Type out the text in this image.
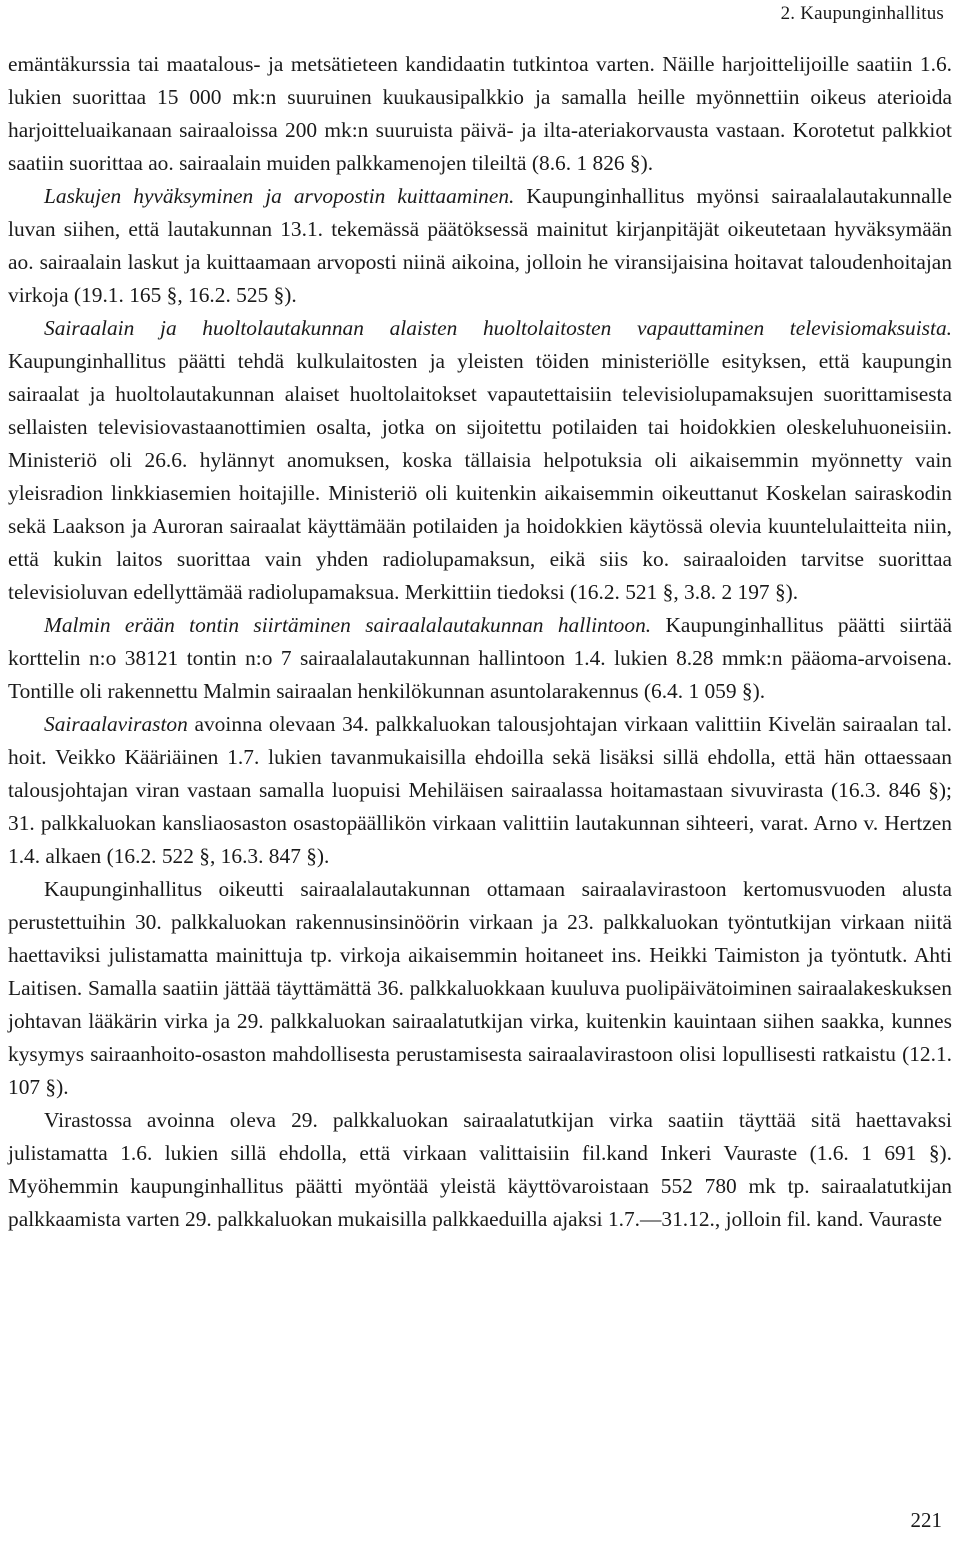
2. Kaupunginhallitus

emäntäkurssia tai maatalous- ja metsätieteen kandidaatin tutkintoa varten. Näille harjoittelijoille saatiin 1.6. lukien suorittaa 15 000 mk:n suuruinen kuukausipalkkio ja samalla heille myönnettiin oikeus aterioida harjoitteluaikanaan sairaaloissa 200 mk:n suuruista päivä- ja ilta-ateriakorvausta vastaan. Korotetut palkkiot saatiin suorittaa ao. sairaalain muiden palkkamenojen tileiltä (8.6. 1 826 §).

Laskujen hyväksyminen ja arvopostin kuittaaminen. Kaupunginhallitus myönsi sairaalalautakunnalle luvan siihen, että lautakunnan 13.1. tekemässä päätöksessä mainitut kirjanpitäjät oikeutetaan hyväksymään ao. sairaalain laskut ja kuittaamaan arvoposti niinä aikoina, jolloin he viransijaisina hoitavat taloudenhoitajan virkoja (19.1. 165 §, 16.2. 525 §).

Sairaalain ja huoltolautakunnan alaisten huoltolaitosten vapauttaminen televisiomaksuista. Kaupunginhallitus päätti tehdä kulkulaitosten ja yleisten töiden ministeriölle esityksen, että kaupungin sairaalat ja huoltolautakunnan alaiset huoltolaitokset vapautettaisiin televisiolupamaksujen suorittamisesta sellaisten televisiovastaanottimien osalta, jotka on sijoitettu potilaiden tai hoidokkien oleskeluhuoneisiin. Ministeriö oli 26.6. hylännyt anomuksen, koska tällaisia helpotuksia oli aikaisemmin myönnetty vain yleisradion linkkiasemien hoitajille. Ministeriö oli kuitenkin aikaisemmin oikeuttanut Koskelan sairaskodin sekä Laakson ja Auroran sairaalat käyttämään potilaiden ja hoidokkien käytössä olevia kuuntelulaitteita niin, että kukin laitos suorittaa vain yhden radiolupamaksun, eikä siis ko. sairaaloiden tarvitse suorittaa televisioluvan edellyttämää radiolupamaksua. Merkittiin tiedoksi (16.2. 521 §, 3.8. 2 197 §).

Malmin erään tontin siirtäminen sairaalalautakunnan hallintoon. Kaupunginhallitus päätti siirtää korttelin n:o 38121 tontin n:o 7 sairaalalautakunnan hallintoon 1.4. lukien 8.28 mmk:n pääoma-arvoisena. Tontille oli rakennettu Malmin sairaalan henkilökunnan asuntolarakennus (6.4. 1 059 §).

Sairaalaviraston avoinna olevaan 34. palkkaluokan talousjohtajan virkaan valittiin Kivelän sairaalan tal. hoit. Veikko Kääriäinen 1.7. lukien tavanmukaisilla ehdoilla sekä lisäksi sillä ehdolla, että hän ottaessaan talousjohtajan viran vastaan samalla luopuisi Mehiläisen sairaalassa hoitamastaan sivuvirasta (16.3. 846 §); 31. palkkaluokan kansliaosaston osastopäällikön virkaan valittiin lautakunnan sihteeri, varat. Arno v. Hertzen 1.4. alkaen (16.2. 522 §, 16.3. 847 §).

Kaupunginhallitus oikeutti sairaalalautakunnan ottamaan sairaalavirastoon kertomusvuoden alusta perustettuihin 30. palkkaluokan rakennusinsinöörin virkaan ja 23. palkkaluokan työntutkijan virkaan niitä haettaviksi julistamatta mainittuja tp. virkoja aikaisemmin hoitaneet ins. Heikki Taimiston ja työntutk. Ahti Laitisen. Samalla saatiin jättää täyttämättä 36. palkkaluokkaan kuuluva puolipäivätoiminen sairaalakeskuksen johtavan lääkärin virka ja 29. palkkaluokan sairaalatutkijan virka, kuitenkin kauintaan siihen saakka, kunnes kysymys sairaanhoito-osaston mahdollisesta perustamisesta sairaalavirastoon olisi lopullisesti ratkaistu (12.1. 107 §).

Virastossa avoinna oleva 29. palkkaluokan sairaalatutkijan virka saatiin täyttää sitä haettavaksi julistamatta 1.6. lukien sillä ehdolla, että virkaan valittaisiin fil.kand Inkeri Vauraste (1.6. 1 691 §). Myöhemmin kaupunginhallitus päätti myöntää yleistä käyttövaroistaan 552 780 mk tp. sairaalatutkijan palkkaamista varten 29. palkkaluokan mukaisilla palkkaeduilla ajaksi 1.7.—31.12., jolloin fil. kand. Vauraste

221
